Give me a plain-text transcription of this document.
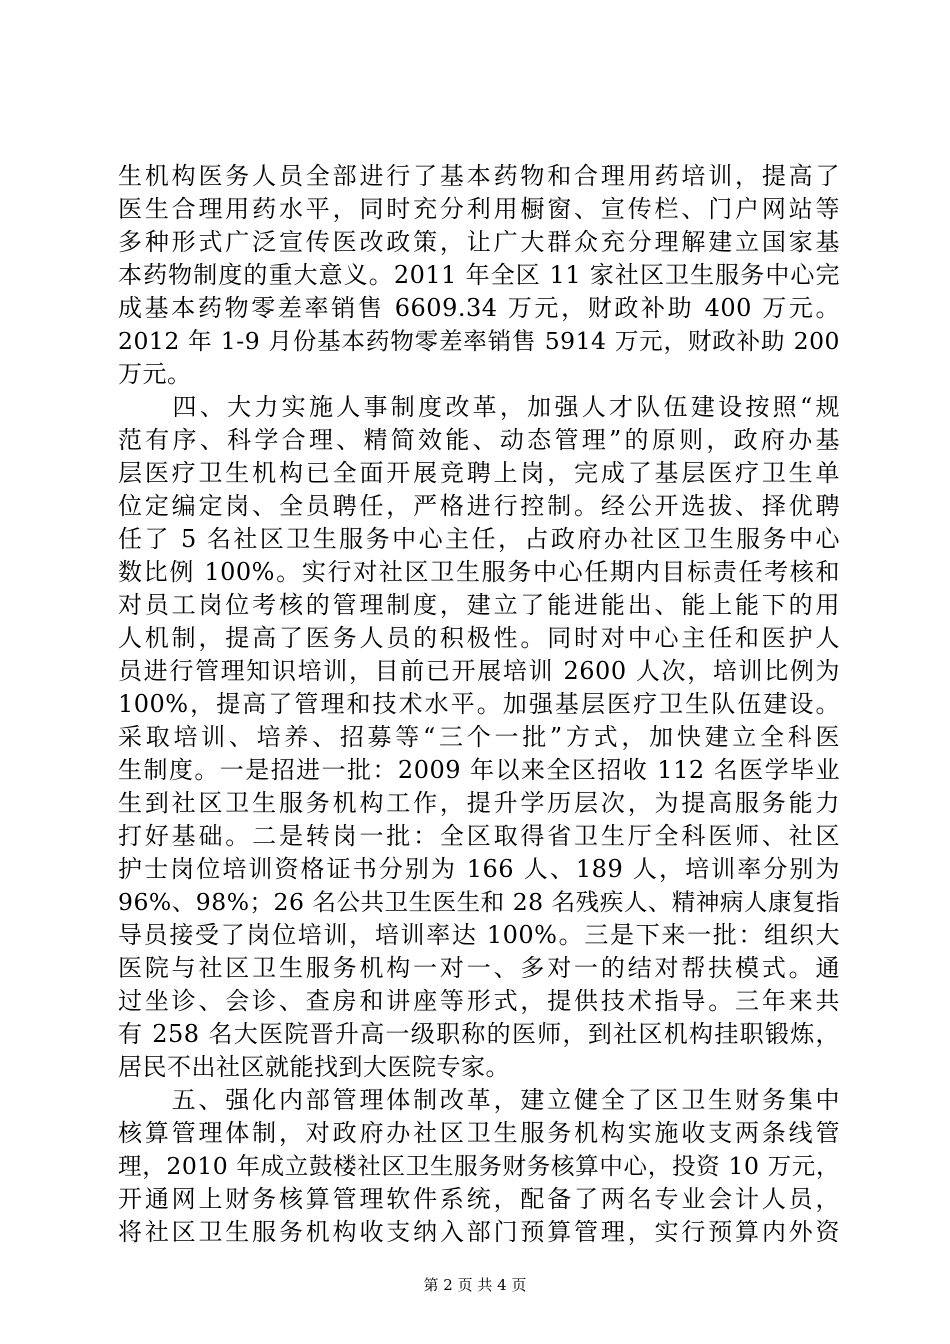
生机构医务人员全部进行了基本药物和合理用药培训，提高了
医生合理用药水平，同时充分利用橱窗、宣传栏、门户网站等
多种形式广泛宣传医改政策，让广大群众充分理解建立国家基
本药物制度的重大意义。2011 年全区 11 家社区卫生服务中心完
成基本药物零差率销售 6609.34 万元，财政补助 400 万元。
2012 年 1-9 月份基本药物零差率销售 5914 万元，财政补助 200
万元。
　　四、大力实施人事制度改革，加强人才队伍建设按照“规
范有序、科学合理、精简效能、动态管理”的原则，政府办基
层医疗卫生机构已全面开展竞聘上岗，完成了基层医疗卫生单
位定编定岗、全员聘任，严格进行控制。经公开选拔、择优聘
任了 5 名社区卫生服务中心主任，占政府办社区卫生服务中心
数比例 100%。实行对社区卫生服务中心任期内目标责任考核和
对员工岗位考核的管理制度，建立了能进能出、能上能下的用
人机制，提高了医务人员的积极性。同时对中心主任和医护人
员进行管理知识培训，目前已开展培训 2600 人次，培训比例为
100%，提高了管理和技术水平。加强基层医疗卫生队伍建设。
采取培训、培养、招募等“三个一批”方式，加快建立全科医
生制度。一是招进一批：2009 年以来全区招收 112 名医学毕业
生到社区卫生服务机构工作，提升学历层次，为提高服务能力
打好基础。二是转岗一批：全区取得省卫生厅全科医师、社区
护士岗位培训资格证书分别为 166 人、189 人，培训率分别为
96%、98%；26 名公共卫生医生和 28 名残疾人、精神病人康复指
导员接受了岗位培训，培训率达 100%。三是下来一批：组织大
医院与社区卫生服务机构一对一、多对一的结对帮扶模式。通
过坐诊、会诊、查房和讲座等形式，提供技术指导。三年来共
有 258 名大医院晋升高一级职称的医师，到社区机构挂职锻炼，
居民不出社区就能找到大医院专家。
　　五、强化内部管理体制改革，建立健全了区卫生财务集中
核算管理体制，对政府办社区卫生服务机构实施收支两条线管
理，2010 年成立鼓楼社区卫生服务财务核算中心，投资 10 万元，
开通网上财务核算管理软件系统，配备了两名专业会计人员，
将社区卫生服务机构收支纳入部门预算管理，实行预算内外资
第 2 页 共 4 页
